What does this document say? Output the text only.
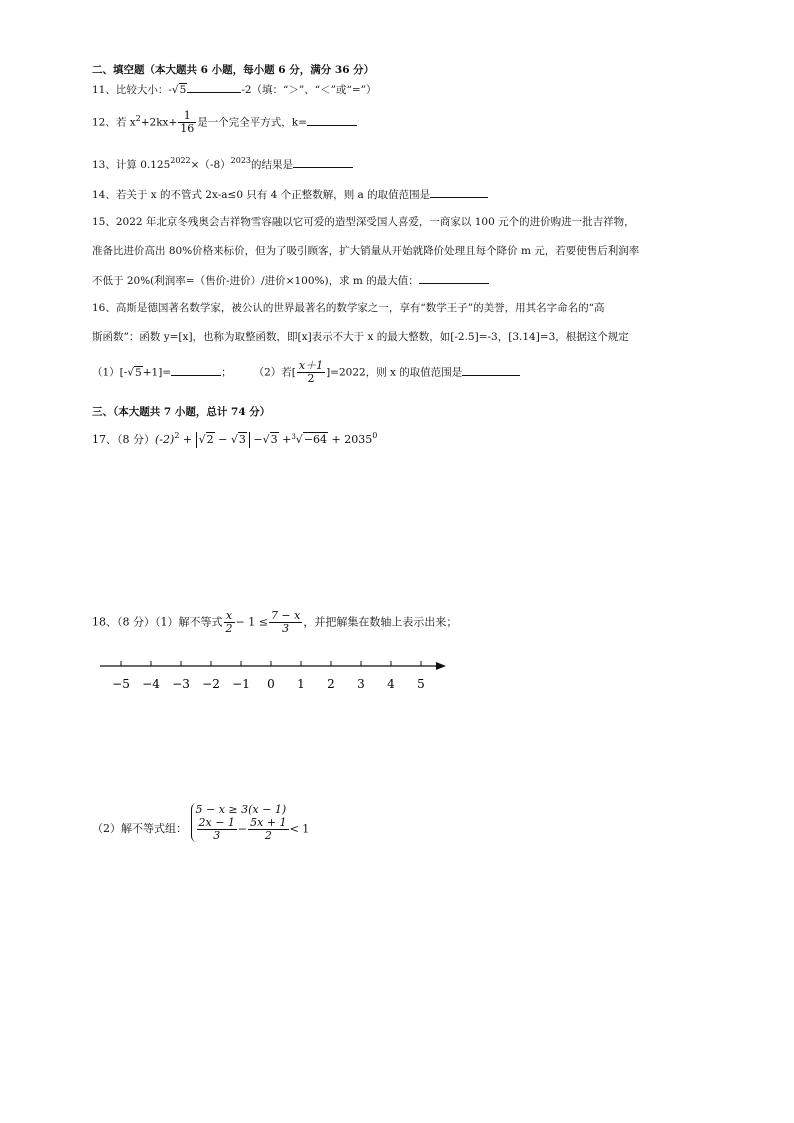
二、填空题（本大题共 6 小题，每小题 6 分，满分 36 分）
11、比较大小：-√5	-2（填：“＞”、“＜”或“=”）
12、若 $x^2+2kx+ \frac{1}{16}$ 是一个完全平方式，k=
13、计算 $0.125^{2022}\times(-8)^{2023}$的结果是
14、若关于 x 的不管式 2x-a≤0 只有 4 个正整数解，则 a 的取值范围是
15、2022 年北京冬残奥会吉祥物雪容融以它可爱的造型深受国人喜爱，一商家以 100 元个的进价购进一批吉祥物，
准备比进价高出 80%价格来标价，但为了吸引顾客，扩大销量从开始就降价处理且每个降价 m 元，若要使售后利润率
不低于 20%(利润率=（售价-进价）/进价×100%)，求 m 的最大值：
16、高斯是德国著名数学家，被公认的世界最著名的数学家之一，享有“数学王子”的美誉，用其名字命名的“高
斯函数”：函数 y=[x]，也称为取整函数，即[x]表示不大于 x 的最大整数，如[-2.5]=-3，[3.14]=3，根据这个规定
（1）[-√5+1]=	； （2）若[ $\frac{x+1}{2} ]=2022$，则 x 的取值范围是
三、（本大题共 7 小题，总计 74 分）
17、（8 分）$(-2)^2 + √2 - √3 -√3 +^3√-64 + 2035^0$
18、（8 分）（1）解不等式 $\frac{x}{2} - 1 \le \frac{7 - x}{3}$ ，并把解集在数轴上表示出来；
−5 −4 −3 −2 −1 0 1 2 3 4 5
（2）解不等式组：
5 − x ≥ 3(x − 1)
$\frac{2x - 1}{3} - \frac{5x + 1}{2} < 1$
